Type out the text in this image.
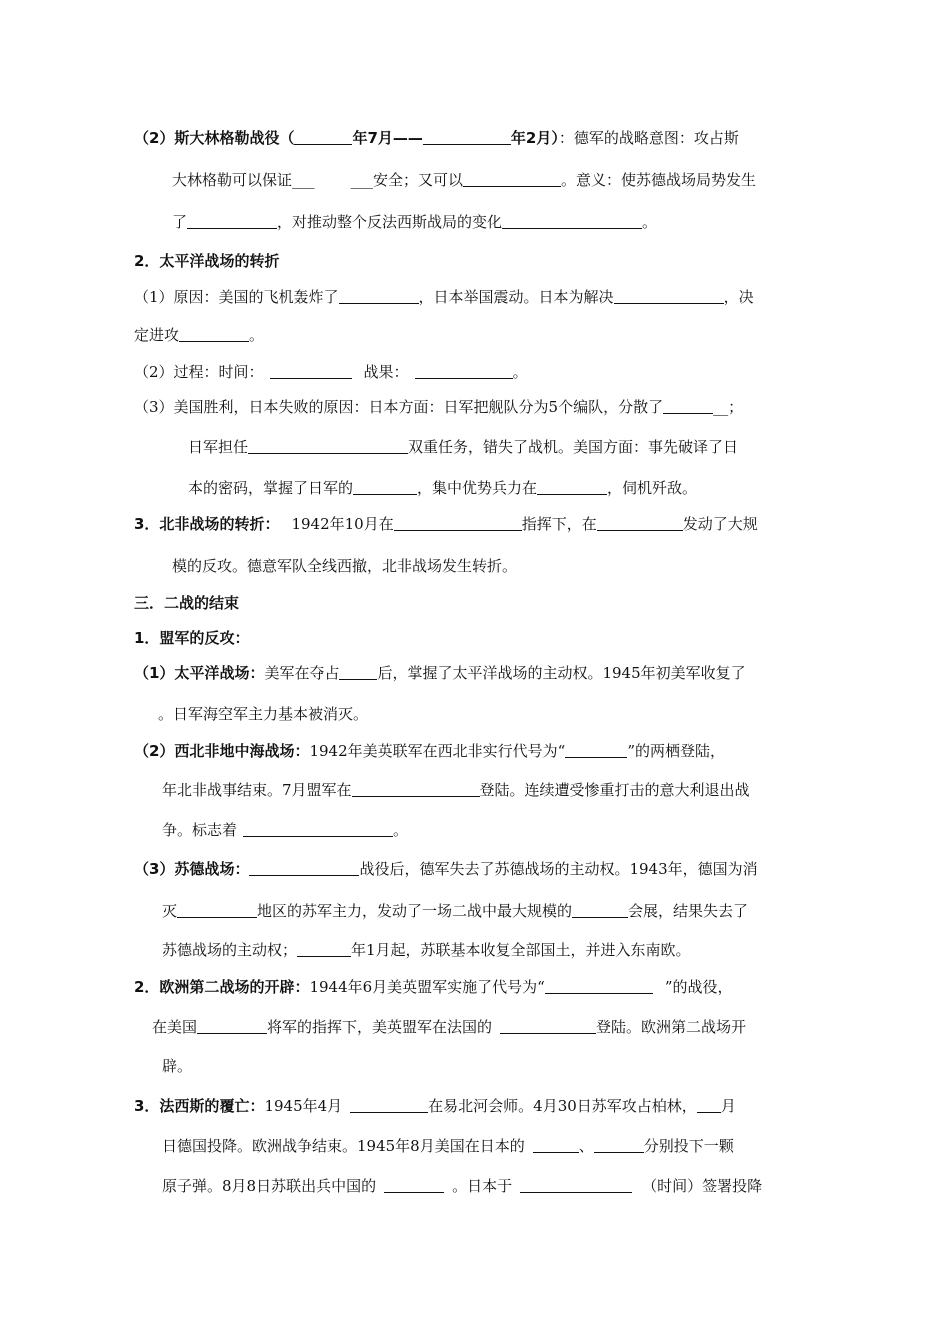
（2）斯大林格勒战役（	年7月——	年2月）：德军的战略意图：攻占斯
大林格勒可以保证___ ___安全；又可以	。意义：使苏德战场局势发生
了	，对推动整个反法西斯战局的变化	。
2．太平洋战场的转折
（1）原因：美国的飞机轰炸了	，日本举国震动。日本为解决	，决
定进攻	。
（2）过程：时间：	战果：	。
（3）美国胜利，日本失败的原因：日本方面：日军把舰队分为5个编队，分散了	__；
日军担任	双重任务，错失了战机。美国方面：事先破译了日
本的密码，掌握了日军的	，集中优势兵力在	，伺机歼敌。
3．北非战场的转折： 1942年10月在	指挥下，在	发动了大规
模的反攻。德意军队全线西撤，北非战场发生转折。
三．二战的结束
1．盟军的反攻：
（1）太平洋战场：美军在夺占	后，掌握了太平洋战场的主动权。1945年初美军收复了
。日军海空军主力基本被消灭。
（2）西北非地中海战场：1942年美英联军在西北非实行代号为“	”的两栖登陆，
年北非战事结束。7月盟军在	登陆。连续遭受惨重打击的意大利退出战
争。标志着	。
（3）苏德战场：	战役后，德军失去了苏德战场的主动权。1943年，德国为消
灭	地区的苏军主力，发动了一场二战中最大规模的	会展，结果失去了
苏德战场的主动权；	年1月起，苏联基本收复全部国土，并进入东南欧。
2．欧洲第二战场的开辟：1944年6月美英盟军实施了代号为“	”的战役，
在美国	将军的指挥下，美英盟军在法国的	登陆。欧洲第二战场开
辟。
3．法西斯的覆亡：1945年4月	在易北河会师。4月30日苏军攻占柏林， 月
日德国投降。欧洲战争结束。1945年8月美国在日本的	、	分别投下一颗
原子弹。8月8日苏联出兵中国的	。日本于	（时间）签署投降
